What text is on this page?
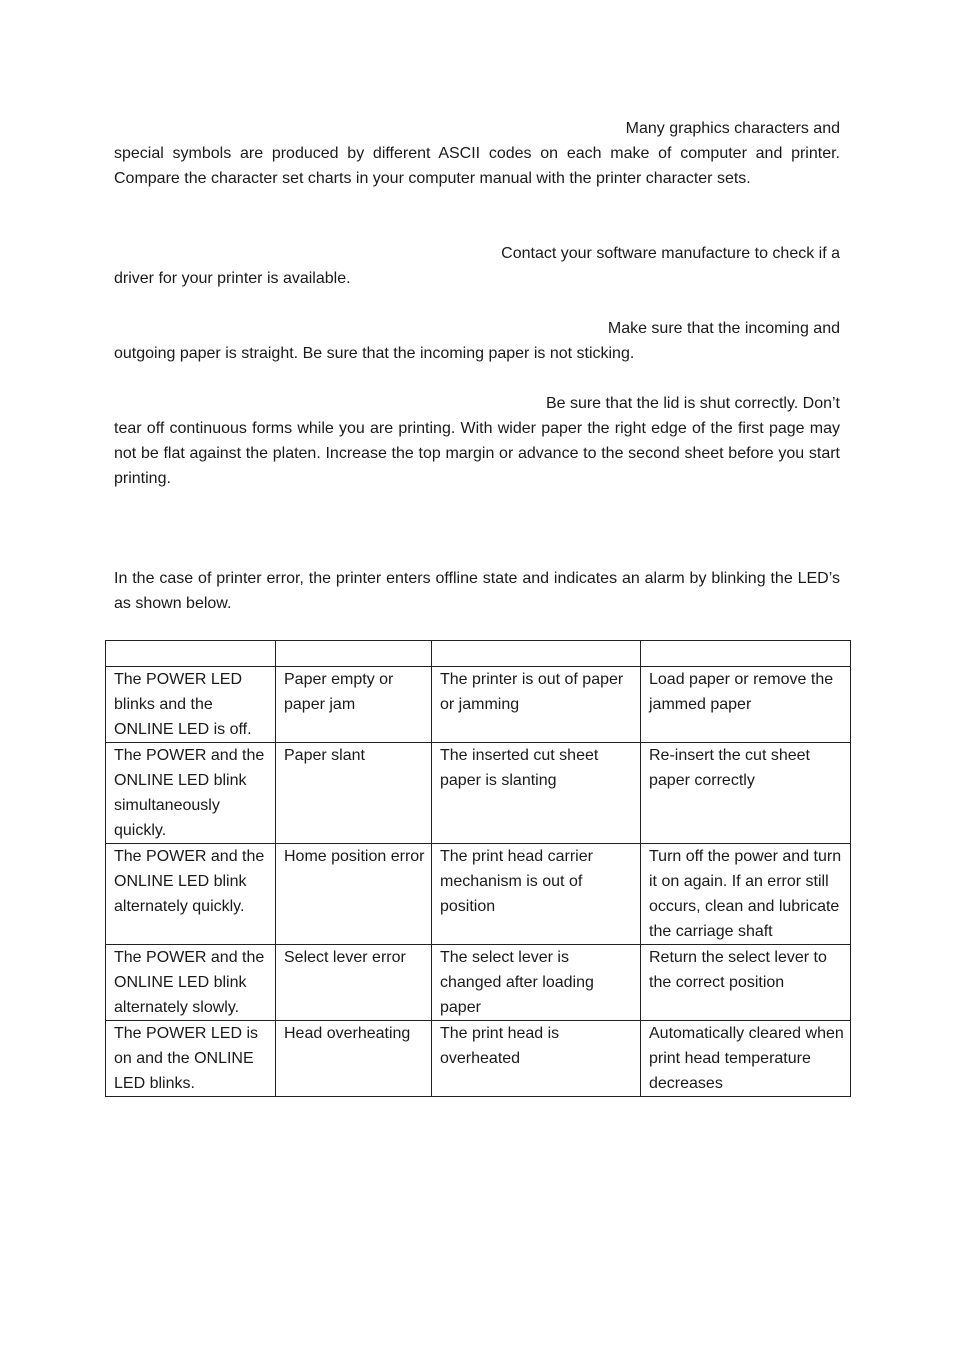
Many graphics characters and
special symbols are produced by different ASCII codes on each make of computer and printer. Compare the character set charts in your computer manual with the printer character sets.
Contact your software manufacture to check if a
driver for your printer is available.
Make sure that the incoming and
outgoing paper is straight. Be sure that the incoming paper is not sticking.
Be sure that the lid is shut correctly. Don’t
tear off continuous forms while you are printing. With wider paper the right edge of the first page may not be flat against the platen. Increase the top margin or advance to the second sheet before you start printing.

In the case of printer error, the printer enters offline state and indicates an alarm by blinking the LED’s as shown below.

The POWER LED blinks and the ONLINE LED is off.	Paper empty or paper jam	The printer is out of paper or jamming	Load paper or remove the jammed paper
The POWER and the ONLINE LED blink simultaneously quickly.	Paper slant	The inserted cut sheet paper is slanting	Re-insert the cut sheet paper correctly
The POWER and the ONLINE LED blink alternately quickly.	Home position error	The print head carrier mechanism is out of position	Turn off the power and turn it on again. If an error still occurs, clean and lubricate the carriage shaft
The POWER and the ONLINE LED blink alternately slowly.	Select lever error	The select lever is changed after loading paper	Return the select lever to the correct position
The POWER LED is on and the ONLINE LED blinks.	Head overheating	The print head is overheated	Automatically cleared when print head temperature decreases
